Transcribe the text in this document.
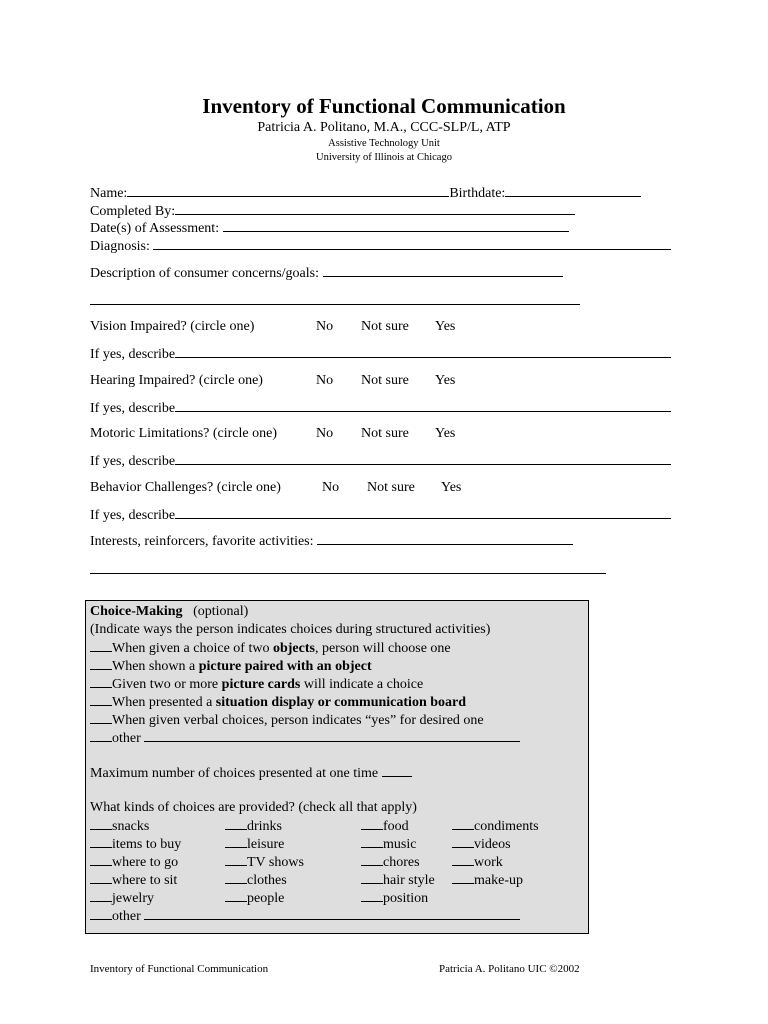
Inventory of Functional Communication
Patricia A. Politano, M.A., CCC-SLP/L, ATP
Assistive Technology Unit
University of Illinois at Chicago
Name:	Birthdate:
Completed By:
Date(s) of Assessment:
Diagnosis:
Description of consumer concerns/goals:
Vision Impaired? (circle one)	No Not sure Yes
If yes, describe
Hearing Impaired? (circle one)	No Not sure Yes
If yes, describe
Motoric Limitations? (circle one)	No Not sure Yes
If yes, describe
Behavior Challenges? (circle one)	No Not sure Yes
If yes, describe
Interests, reinforcers, favorite activities:
Choice-Making (optional)
(Indicate ways the person indicates choices during structured activities)
When given a choice of two objects, person will choose one
When shown a picture paired with an object
Given two or more picture cards will indicate a choice
When presented a situation display or communication board
When given verbal choices, person indicates “yes” for desired one
other
Maximum number of choices presented at one time
What kinds of choices are provided? (check all that apply)
snacks	drinks	food	condiments
items to buy	leisure	music	videos
where to go	TV shows	chores	work
where to sit	clothes	hair style	make-up
jewelry	people	position
other
Inventory of Functional Communication	Patricia A. Politano UIC ©2002
